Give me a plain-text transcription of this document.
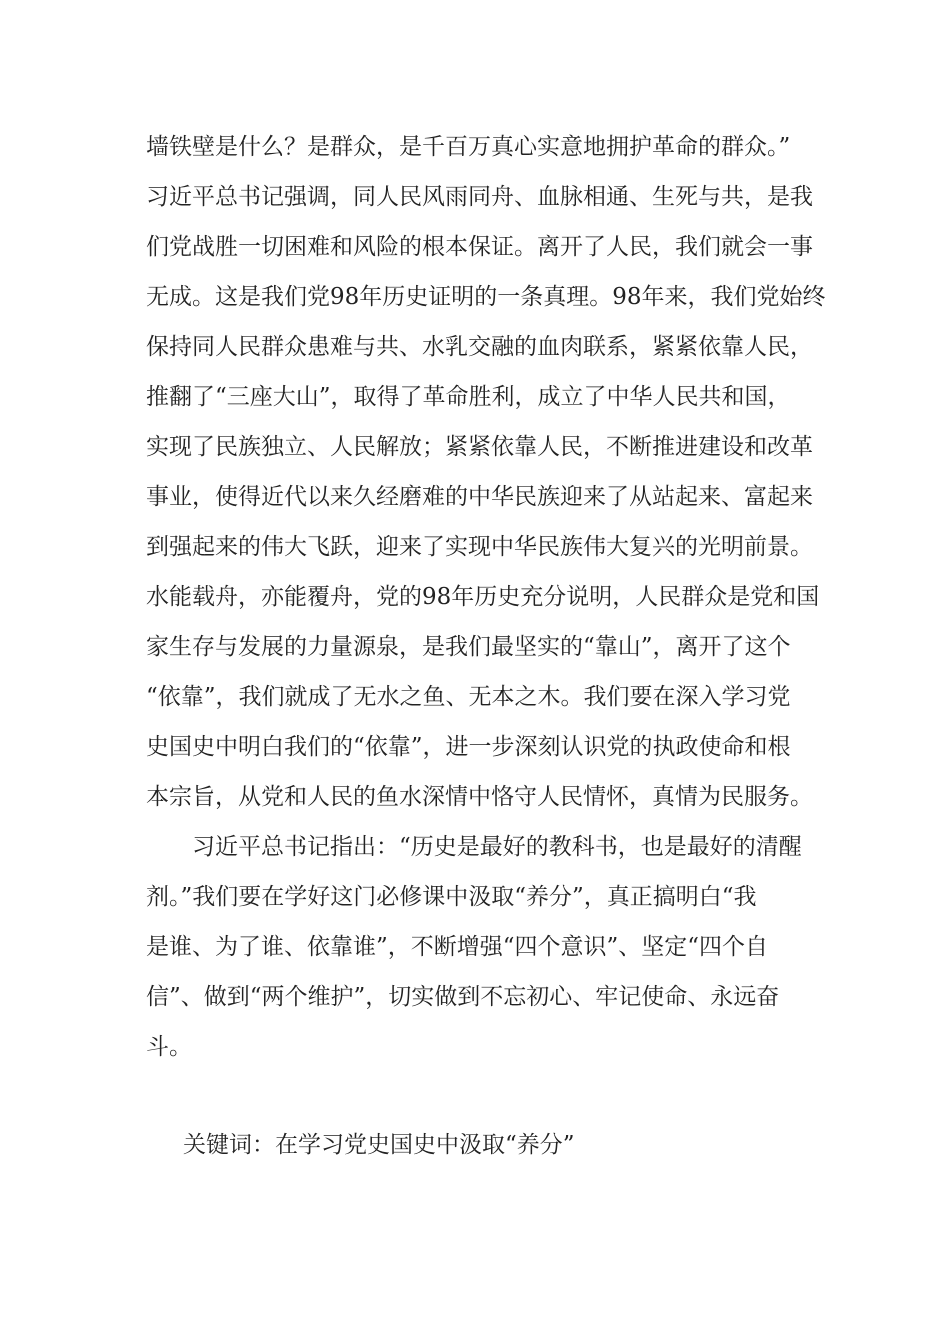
墙铁壁是什么？是群众，是千百万真心实意地拥护革命的群众。”
习近平总书记强调，同人民风雨同舟、血脉相通、生死与共，是我
们党战胜一切困难和风险的根本保证。离开了人民，我们就会一事
无成。这是我们党98年历史证明的一条真理。98年来，我们党始终
保持同人民群众患难与共、水乳交融的血肉联系，紧紧依靠人民，
推翻了“三座大山”，取得了革命胜利，成立了中华人民共和国，
实现了民族独立、人民解放；紧紧依靠人民，不断推进建设和改革
事业，使得近代以来久经磨难的中华民族迎来了从站起来、富起来
到强起来的伟大飞跃，迎来了实现中华民族伟大复兴的光明前景。
水能载舟，亦能覆舟，党的98年历史充分说明，人民群众是党和国
家生存与发展的力量源泉，是我们最坚实的“靠山”，离开了这个
“依靠”，我们就成了无水之鱼、无本之木。我们要在深入学习党
史国史中明白我们的“依靠”，进一步深刻认识党的执政使命和根
本宗旨，从党和人民的鱼水深情中恪守人民情怀，真情为民服务。
习近平总书记指出：“历史是最好的教科书，也是最好的清醒
剂。”我们要在学好这门必修课中汲取“养分”，真正搞明白“我
是谁、为了谁、依靠谁”，不断增强“四个意识”、坚定“四个自
信”、做到“两个维护”，切实做到不忘初心、牢记使命、永远奋
斗。
关键词：在学习党史国史中汲取“养分”
